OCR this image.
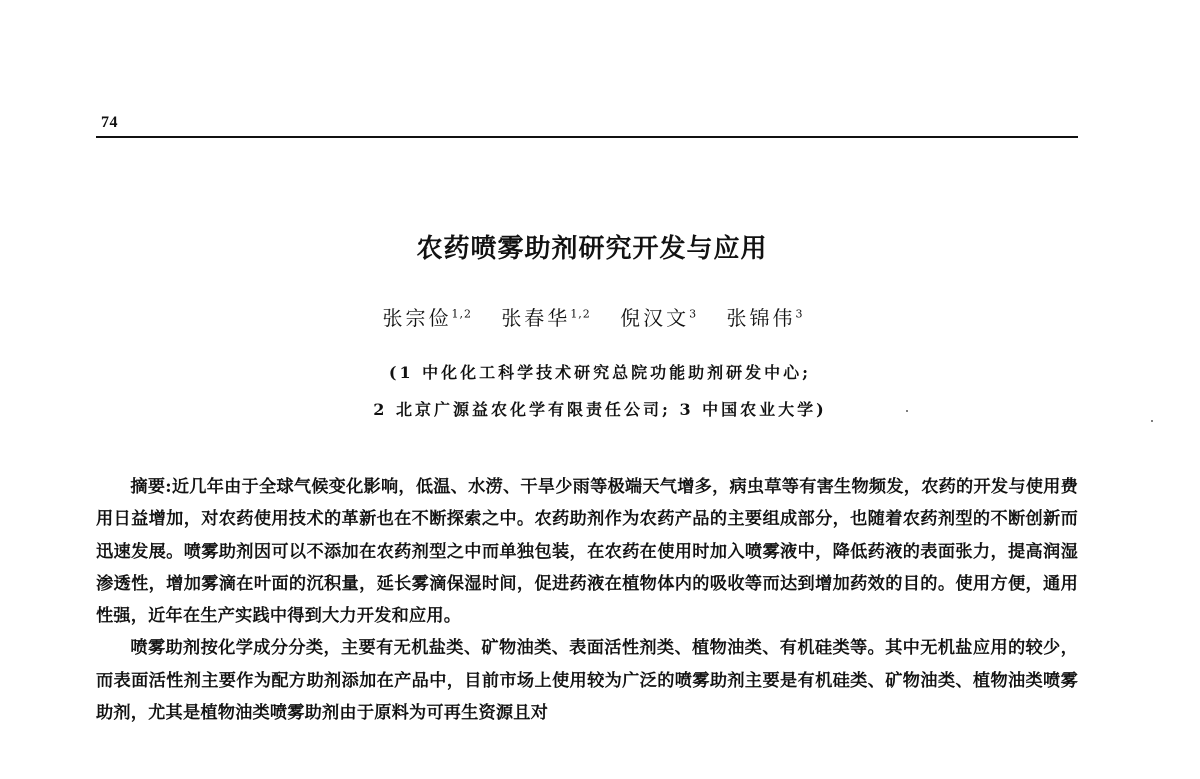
74
农药喷雾助剂研究开发与应用
张宗俭$^{1,2}$ 张春华$^{1,2}$ 倪汉文$^3$ 张锦伟$^3$
(1 中化化工科学技术研究总院功能助剂研发中心;
2 北京广源益农化学有限责任公司; 3 中国农业大学)

摘要:近几年由于全球气候变化影响，低温、水涝、干旱少雨等极端天气增多，病虫草等有害生物频发，农药的开发与使用费用日益增加，对农药使用技术的革新也在不断探索之中。农药助剂作为农药产品的主要组成部分，也随着农药剂型的不断创新而迅速发展。喷雾助剂因可以不添加在农药剂型之中而单独包装，在农药在使用时加入喷雾液中，降低药液的表面张力，提高润湿渗透性，增加雾滴在叶面的沉积量，延长雾滴保湿时间，促进药液在植物体内的吸收等而达到增加药效的目的。使用方便，通用性强，近年在生产实践中得到大力开发和应用。

喷雾助剂按化学成分分类，主要有无机盐类、矿物油类、表面活性剂类、植物油类、有机硅类等。其中无机盐应用的较少，而表面活性剂主要作为配方助剂添加在产品中，目前市场上使用较为广泛的喷雾助剂主要是有机硅类、矿物油类、植物油类喷雾助剂，尤其是植物油类喷雾助剂由于原料为可再生资源且对
